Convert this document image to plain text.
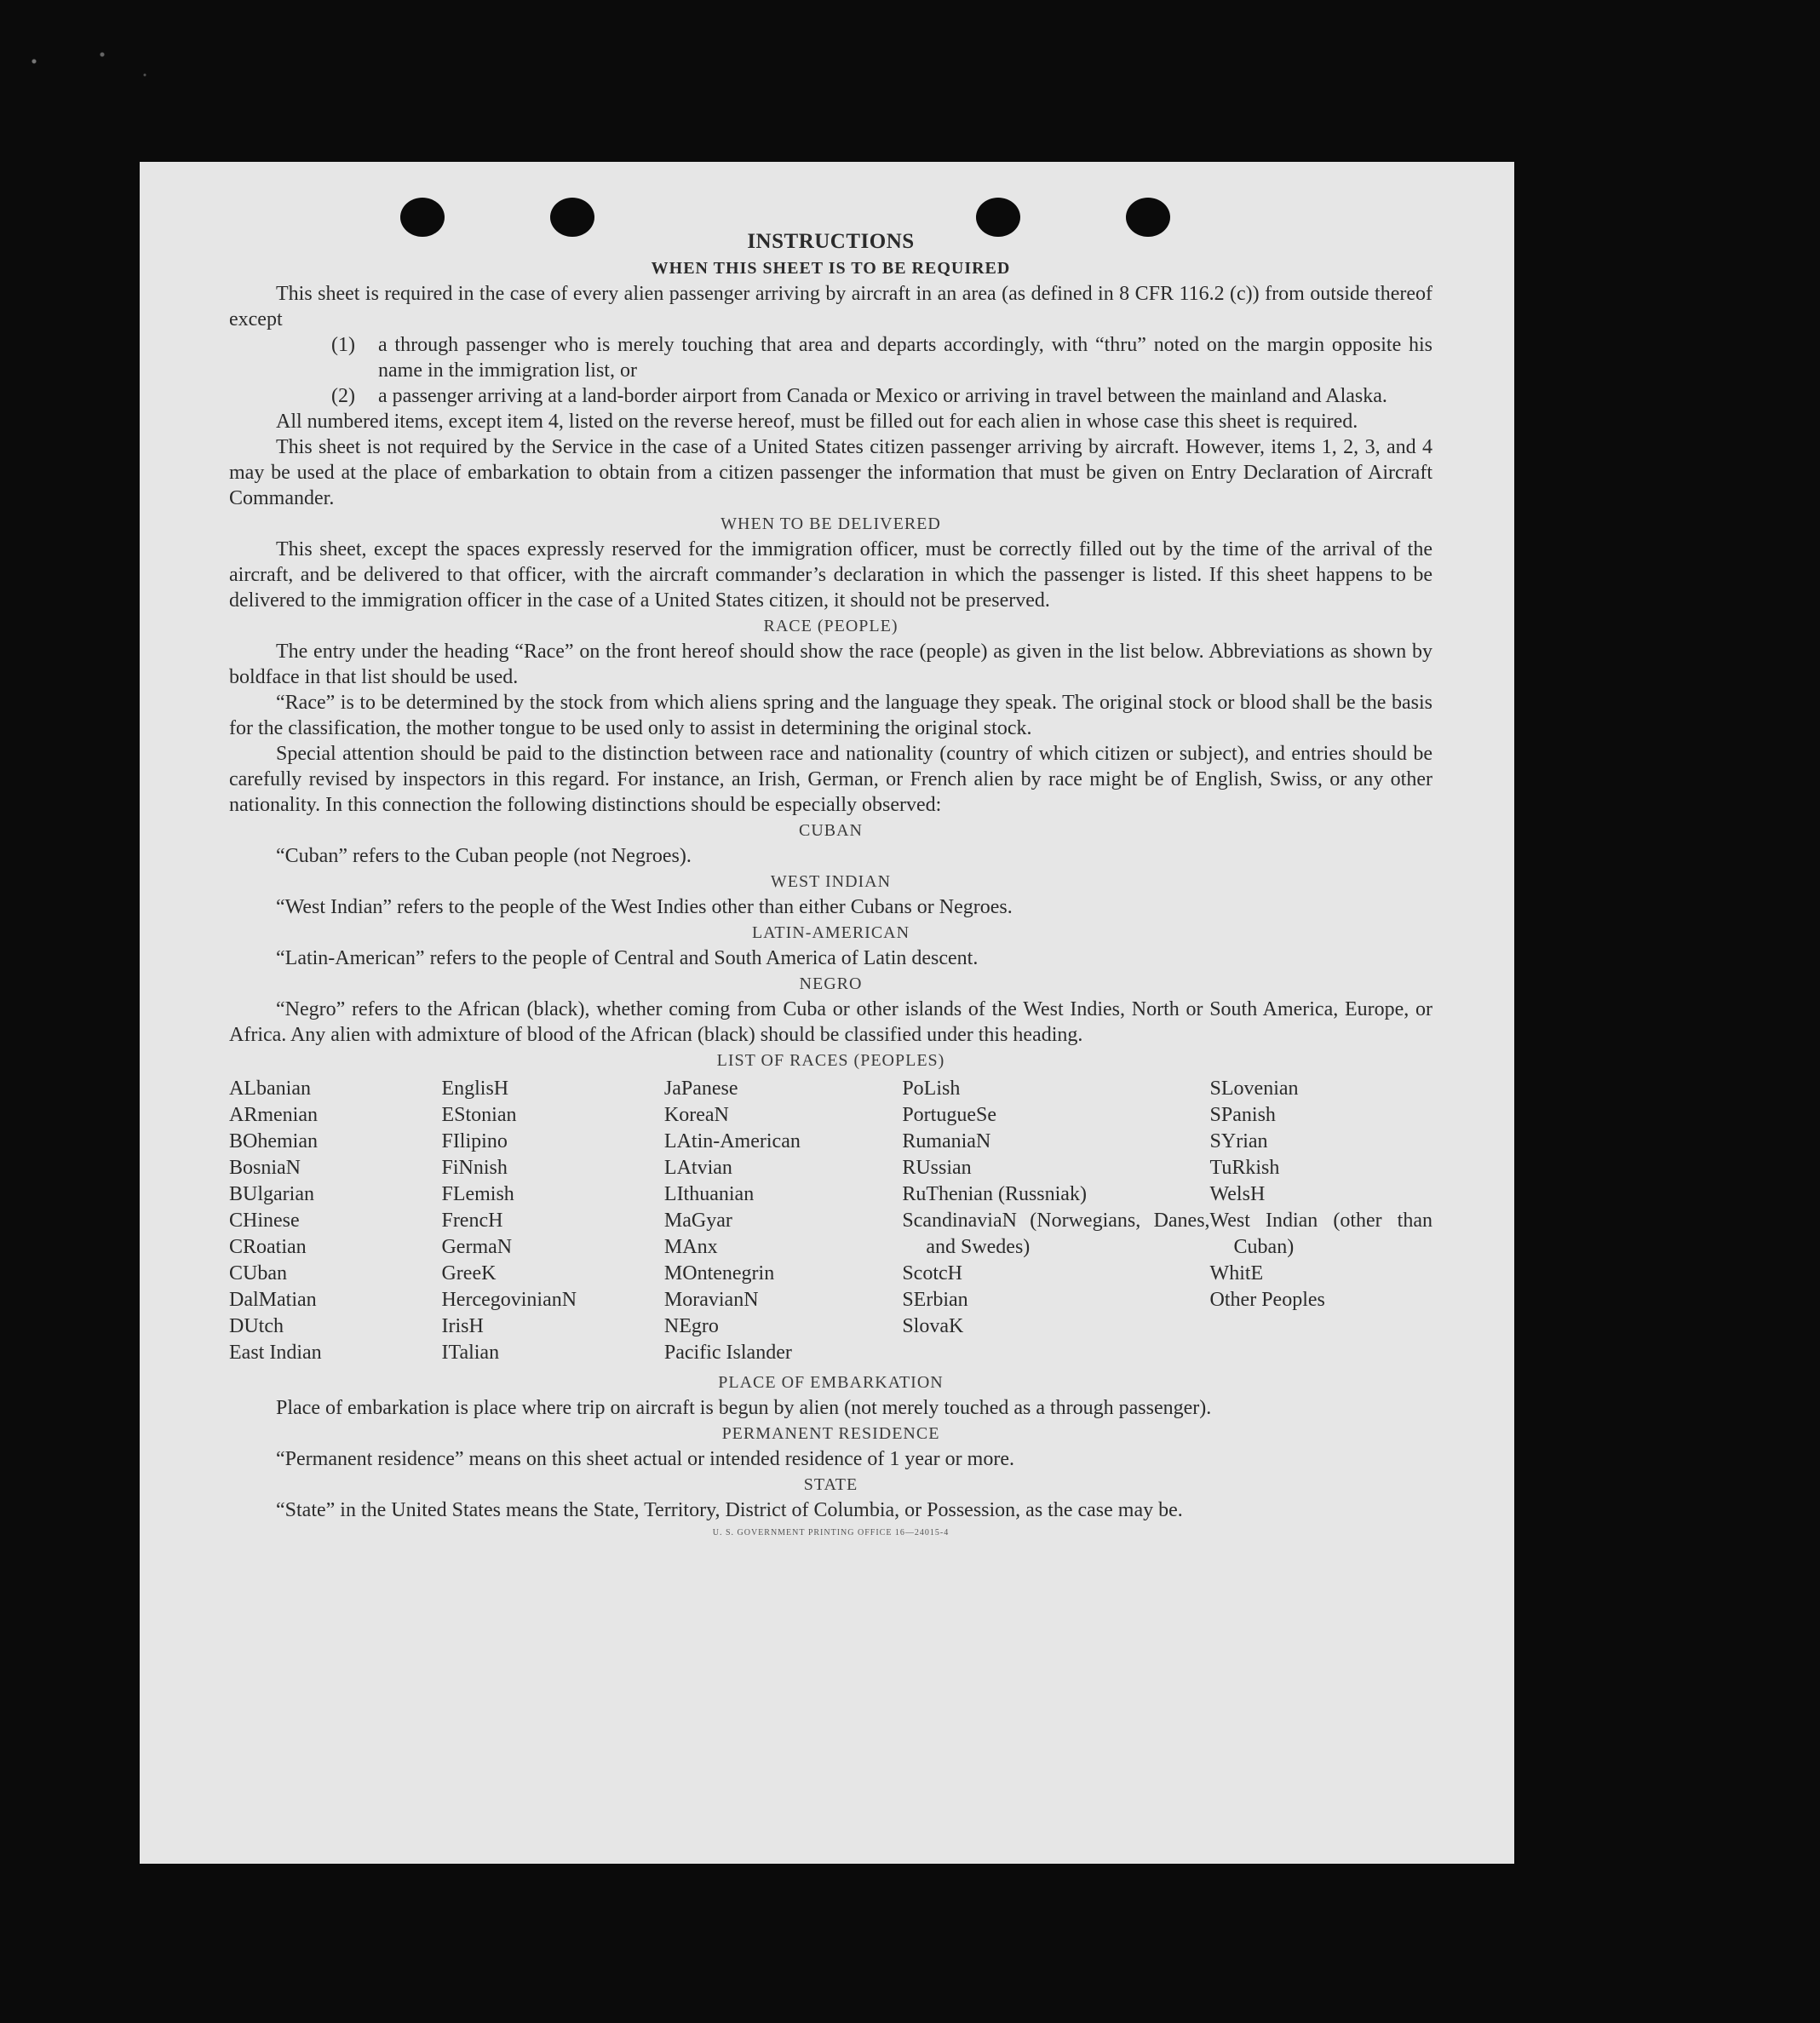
INSTRUCTIONS
WHEN THIS SHEET IS TO BE REQUIRED

This sheet is required in the case of every alien passenger arriving by aircraft in an area (as defined in 8 CFR 116.2 (c)) from outside thereof except

(1)	a through passenger who is merely touching that area and departs accordingly, with “thru” noted on the margin opposite his name in the immigration list, or
(2)	a passenger arriving at a land-border airport from Canada or Mexico or arriving in travel between the mainland and Alaska.

All numbered items, except item 4, listed on the reverse hereof, must be filled out for each alien in whose case this sheet is required.

This sheet is not required by the Service in the case of a United States citizen passenger arriving by aircraft. However, items 1, 2, 3, and 4 may be used at the place of embarkation to obtain from a citizen passenger the information that must be given on Entry Declaration of Aircraft Commander.

WHEN TO BE DELIVERED

This sheet, except the spaces expressly reserved for the immigration officer, must be correctly filled out by the time of the arrival of the aircraft, and be delivered to that officer, with the aircraft commander’s declaration in which the passenger is listed. If this sheet happens to be delivered to the immigration officer in the case of a United States citizen, it should not be preserved.

RACE (PEOPLE)

The entry under the heading “Race” on the front hereof should show the race (people) as given in the list below. Abbreviations as shown by boldface in that list should be used.

“Race” is to be determined by the stock from which aliens spring and the language they speak. The original stock or blood shall be the basis for the classification, the mother tongue to be used only to assist in determining the original stock.

Special attention should be paid to the distinction between race and nationality (country of which citizen or subject), and entries should be carefully revised by inspectors in this regard. For instance, an Irish, German, or French alien by race might be of English, Swiss, or any other nationality. In this connection the following distinctions should be especially observed:

CUBAN

“Cuban” refers to the Cuban people (not Negroes).

WEST INDIAN

“West Indian” refers to the people of the West Indies other than either Cubans or Negroes.

LATIN-AMERICAN

“Latin-American” refers to the people of Central and South America of Latin descent.

NEGRO

“Negro” refers to the African (black), whether coming from Cuba or other islands of the West Indies, North or South America, Europe, or Africa. Any alien with admixture of blood of the African (black) should be classified under this heading.

LIST OF RACES (PEOPLES)
ALbanian
ARmenian
BOhemian
BosniaN
BUlgarian
CHinese
CRoatian
CUban
DalMatian
DUtch
East Indian
EnglisH
EStonian
FIlipino
FiNnish
FLemish
FrencH
GermaN
GreeK
HercegovinianN
IrisH
ITalian
JaPanese
KoreaN
LAtin-American
LAtvian
LIthuanian
MaGyar
MAnx
MOntenegrin
MoravianN
NEgro
Pacific Islander
PoLish
PortugueSe
RumaniaN
RUssian
RuThenian (Russniak)
ScandinaviaN (Norwegians, Danes, and Swedes)
ScotcH
SErbian
SlovaK
SLovenian
SPanish
SYrian
TuRkish
WelsH
West Indian (other than Cuban)
WhitE
Other Peoples
PLACE OF EMBARKATION

Place of embarkation is place where trip on aircraft is begun by alien (not merely touched as a through passenger).

PERMANENT RESIDENCE

“Permanent residence” means on this sheet actual or intended residence of 1 year or more.

STATE

“State” in the United States means the State, Territory, District of Columbia, or Possession, as the case may be.

U. S. GOVERNMENT PRINTING OFFICE 16—24015-4
